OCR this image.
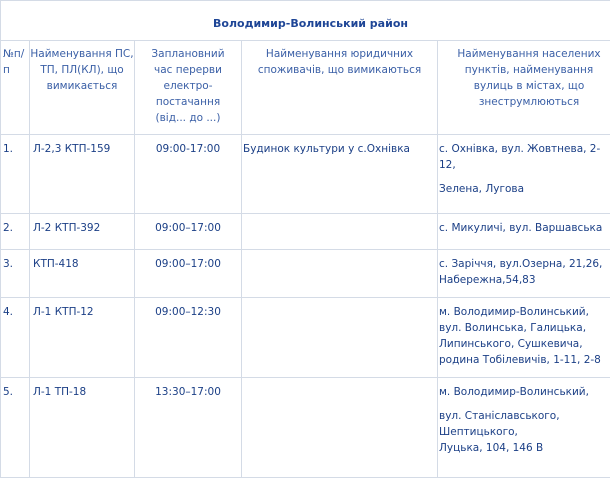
Володимир-Волинський район				

№п/
п	Найменування ПС,
ТП, ПЛ(КЛ), що
вимикається	Заплановний
час перерви
електро-
постачання
(від... до ...)	Найменування юридичних
споживачів, що вимикаються	Найменування населених
пунктів, найменування
вулиць в містах, що
знеструмлюються

1.	Л-2,3 КТП-159	09:00-17:00	Будинок культури у с.Охнівка	с. Охнівка, вул. Жовтнева, 2-
12,
Зелена, Лугова

2.	Л-2 КТП-392	09:00–17:00		с. Микуличі, вул. Варшавська

3.	КТП-418	09:00–17:00		с. Заріччя, вул.Озерна, 21,26,
Набережна,54,83

4.	Л-1 КТП-12	09:00–12:30		м. Володимир-Волинський,
вул. Волинська, Галицька,
Липинського, Сушкевича,
родина Тобілевичів, 1-11, 2-8

5.	Л-1 ТП-18	13:30–17:00		м. Володимир-Волинський,
вул. Станіславського,
Шептицького,
Луцька, 104, 146 В
